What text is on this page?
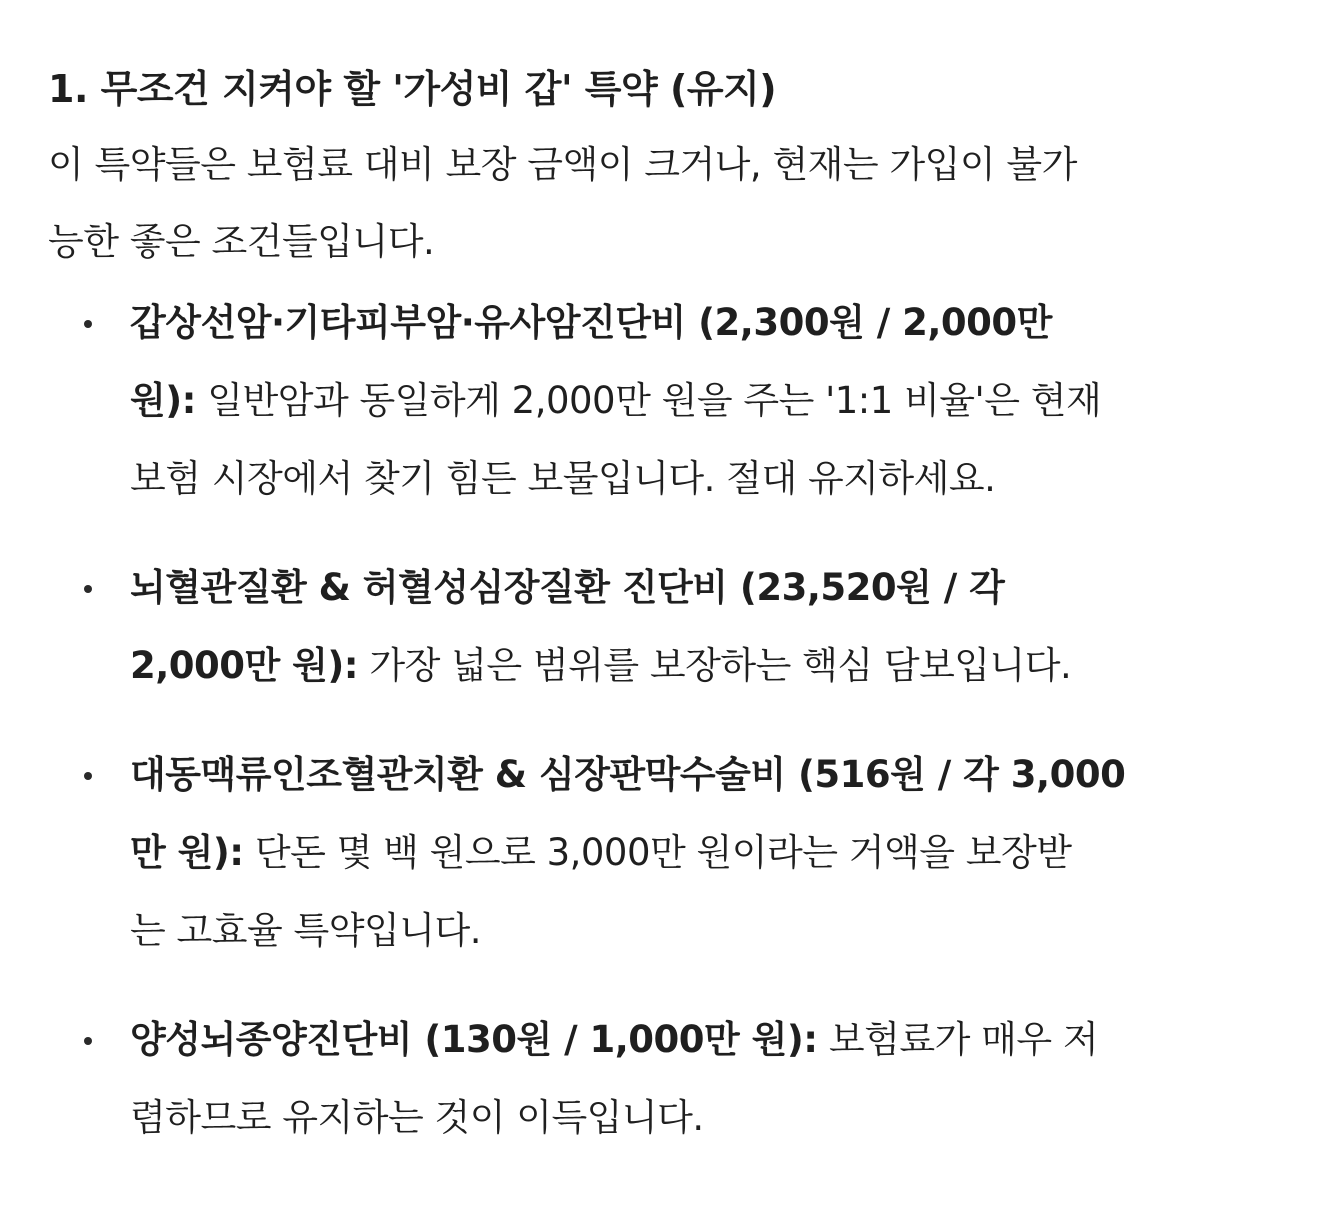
1. 무조건 지켜야 할 '가성비 갑' 특약 (유지)

이 특약들은 보험료 대비 보장 금액이 크거나, 현재는 가입이 불가
능한 좋은 조건들입니다.

갑상선암·기타피부암·유사암진단비 (2,300원 / 2,000만
원): 일반암과 동일하게 2,000만 원을 주는 '1:1 비율'은 현재
보험 시장에서 찾기 힘든 보물입니다. 절대 유지하세요.
뇌혈관질환 & 허혈성심장질환 진단비 (23,520원 / 각
2,000만 원): 가장 넓은 범위를 보장하는 핵심 담보입니다.
대동맥류인조혈관치환 & 심장판막수술비 (516원 / 각 3,000
만 원): 단돈 몇 백 원으로 3,000만 원이라는 거액을 보장받
는 고효율 특약입니다.
양성뇌종양진단비 (130원 / 1,000만 원): 보험료가 매우 저
렴하므로 유지하는 것이 이득입니다.
